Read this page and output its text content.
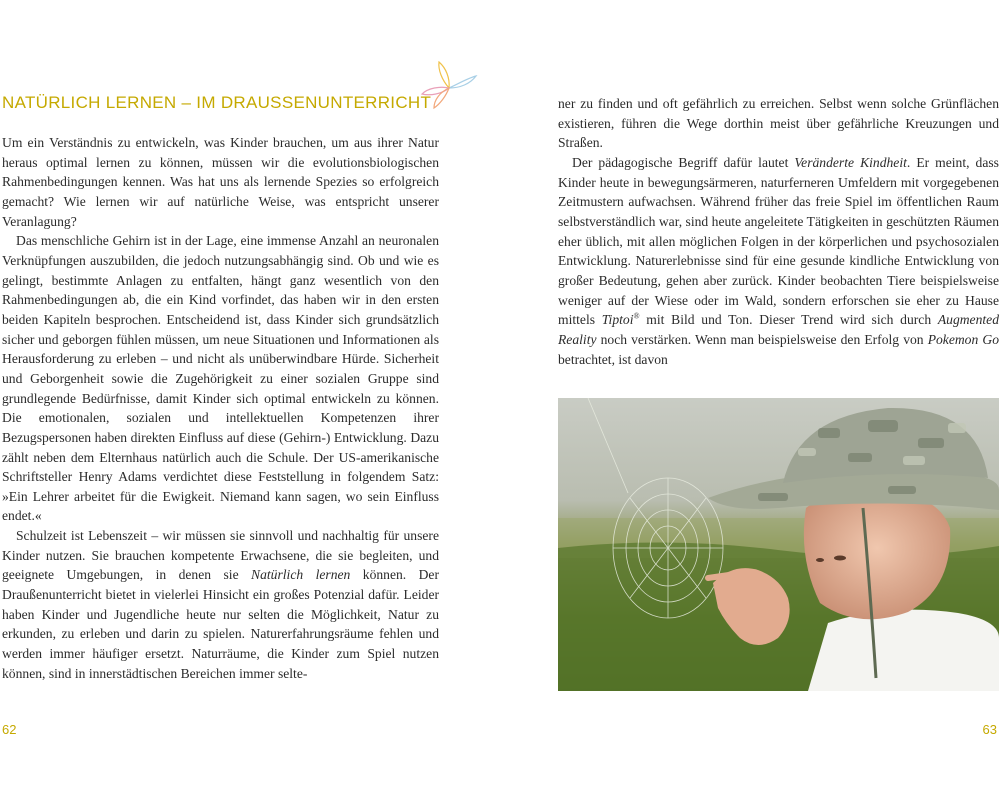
NATÜRLICH LERNEN – IM DRAUSSENUNTERRICHT

Um ein Verständnis zu entwickeln, was Kinder brauchen, um aus ihrer Natur heraus optimal lernen zu können, müssen wir die evolutionsbiologischen Rahmenbedingungen kennen. Was hat uns als lernende Spezies so erfolgreich gemacht? Wie lernen wir auf natürliche Weise, was entspricht unserer Veranlagung?

Das menschliche Gehirn ist in der Lage, eine immense Anzahl an neuronalen Verknüpfungen auszubilden, die jedoch nutzungsabhängig sind. Ob und wie es gelingt, bestimmte Anlagen zu entfalten, hängt ganz wesentlich von den Rahmenbedingungen ab, die ein Kind vorfindet, das haben wir in den ersten beiden Kapiteln besprochen. Entscheidend ist, dass Kinder sich grundsätzlich sicher und geborgen fühlen müssen, um neue Situationen und Informationen als Herausforderung zu erleben – und nicht als unüberwindbare Hürde. Sicherheit und Geborgenheit sowie die Zugehörigkeit zu einer sozialen Gruppe sind grundlegende Bedürfnisse, damit Kinder sich optimal entwickeln zu können. Die emotionalen, sozialen und intellektuellen Kompetenzen ihrer Bezugspersonen haben direkten Einfluss auf diese (Gehirn-) Entwicklung. Dazu zählt neben dem Elternhaus natürlich auch die Schule. Der US-amerikanische Schriftsteller Henry Adams verdichtet diese Feststellung in folgendem Satz: »Ein Lehrer arbeitet für die Ewigkeit. Niemand kann sagen, wo sein Einfluss endet.«

Schulzeit ist Lebenszeit – wir müssen sie sinnvoll und nachhaltig für unsere Kinder nutzen. Sie brauchen kompetente Erwachsene, die sie begleiten, und geeignete Umgebungen, in denen sie Natürlich lernen können. Der Draußenunterricht bietet in vielerlei Hinsicht ein großes Potenzial dafür. Leider haben Kinder und Jugendliche heute nur selten die Möglichkeit, Natur zu erkunden, zu erleben und darin zu spielen. Naturerfahrungsräume fehlen und werden immer häufiger ersetzt. Naturräume, die Kinder zum Spiel nutzen können, sind in innerstädtischen Bereichen immer selte-

ner zu finden und oft gefährlich zu erreichen. Selbst wenn solche Grünflächen existieren, führen die Wege dorthin meist über gefährliche Kreuzungen und Straßen.

Der pädagogische Begriff dafür lautet Veränderte Kindheit. Er meint, dass Kinder heute in bewegungsärmeren, naturferneren Umfeldern mit vorgegebenen Zeitmustern aufwachsen. Während früher das freie Spiel im öffentlichen Raum selbstverständlich war, sind heute angeleitete Tätigkeiten in geschützten Räumen eher üblich, mit allen möglichen Folgen in der körperlichen und psychosozialen Entwicklung. Naturerlebnisse sind für eine gesunde kindliche Entwicklung von großer Bedeutung, gehen aber zurück. Kinder beobachten Tiere beispielsweise weniger auf der Wiese oder im Wald, sondern erforschen sie eher zu Hause mittels Tiptoi® mit Bild und Ton. Dieser Trend wird sich durch Augmented Reality noch verstärken. Wenn man beispielsweise den Erfolg von Pokemon Go betrachtet, ist davon

62	63
